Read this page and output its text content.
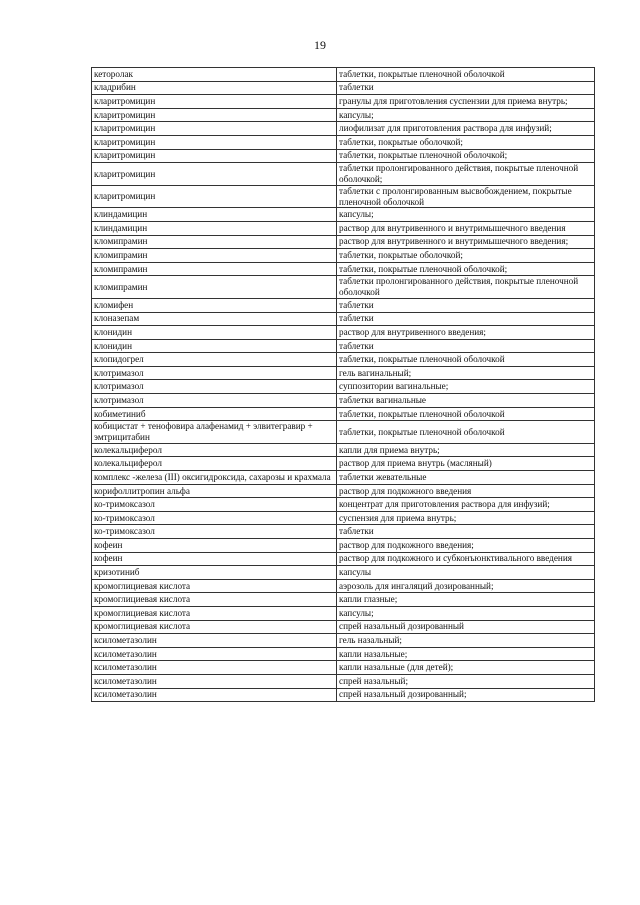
19
кеторолак	таблетки, покрытые пленочной оболочкой
кладрибин	таблетки
кларитромицин	гранулы для приготовления суспензии для приема внутрь;
кларитромицин	капсулы;
кларитромицин	лиофилизат для приготовления раствора для инфузий;
кларитромицин	таблетки, покрытые оболочкой;
кларитромицин	таблетки, покрытые пленочной оболочкой;
кларитромицин	таблетки пролонгированного действия, покрытые пленочной оболочкой;
кларитромицин	таблетки с пролонгированным высвобождением, покрытые пленочной оболочкой
клиндамицин	капсулы;
клиндамицин	раствор для внутривенного и внутримышечного введения
кломипрамин	раствор для внутривенного и внутримышечного введения;
кломипрамин	таблетки, покрытые оболочкой;
кломипрамин	таблетки, покрытые пленочной оболочкой;
кломипрамин	таблетки пролонгированного действия, покрытые пленочной оболочкой
кломифен	таблетки
клоназепам	таблетки
клонидин	раствор для внутривенного введения;
клонидин	таблетки
клопидогрел	таблетки, покрытые пленочной оболочкой
клотримазол	гель вагинальный;
клотримазол	суппозитории вагинальные;
клотримазол	таблетки вагинальные
кобиметиниб	таблетки, покрытые пленочной оболочкой
кобицистат + тенофовира алафенамид + элвитегравир + эмтрицитабин	таблетки, покрытые пленочной оболочкой
колекальциферол	капли для приема внутрь;
колекальциферол	раствор для приема внутрь (масляный)
комплекс -железа (III) оксигидроксида, сахарозы и крахмала	таблетки жевательные
корифоллитропин альфа	раствор для подкожного введения
ко-тримоксазол	концентрат для приготовления раствора для инфузий;
ко-тримоксазол	суспензия для приема внутрь;
ко-тримоксазол	таблетки
кофеин	раствор для подкожного введения;
кофеин	раствор для подкожного и субконъюнктивального введения
кризотиниб	капсулы
кромоглициевая кислота	аэрозоль для ингаляций дозированный;
кромоглициевая кислота	капли глазные;
кромоглициевая кислота	капсулы;
кромоглициевая кислота	спрей назальный дозированный
ксилометазолин	гель назальный;
ксилометазолин	капли назальные;
ксилометазолин	капли назальные (для детей);
ксилометазолин	спрей назальный;
ксилометазолин	спрей назальный дозированный;
